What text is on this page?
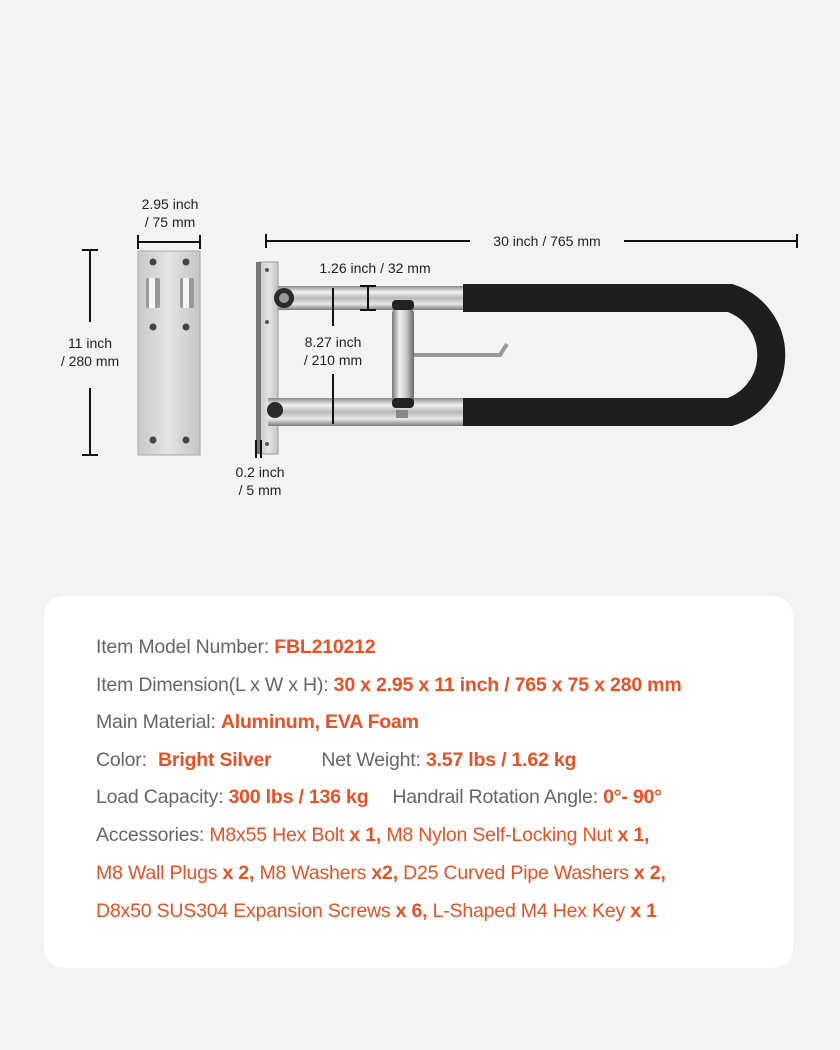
2.95 inch
/ 75 mm
11 inch
/ 280 mm
30 inch / 765 mm
1.26 inch / 32 mm
8.27 inch
/ 210 mm
0.2 inch
/ 5 mm
Item Model Number: FBL210212
Item Dimension(L x W x H): 30 x 2.95 x 11 inch / 765 x 75 x 280 mm
Main Material: Aluminum, EVA Foam
Color: Bright Silver	Net Weight: 3.57 lbs / 1.62 kg
Load Capacity: 300 lbs / 136 kg Handrail Rotation Angle: 0°- 90°
Accessories: M8x55 Hex Bolt x 1, M8 Nylon Self-Locking Nut x 1,
M8 Wall Plugs x 2, M8 Washers x2, D25 Curved Pipe Washers x 2,
D8x50 SUS304 Expansion Screws x 6, L-Shaped M4 Hex Key x 1
